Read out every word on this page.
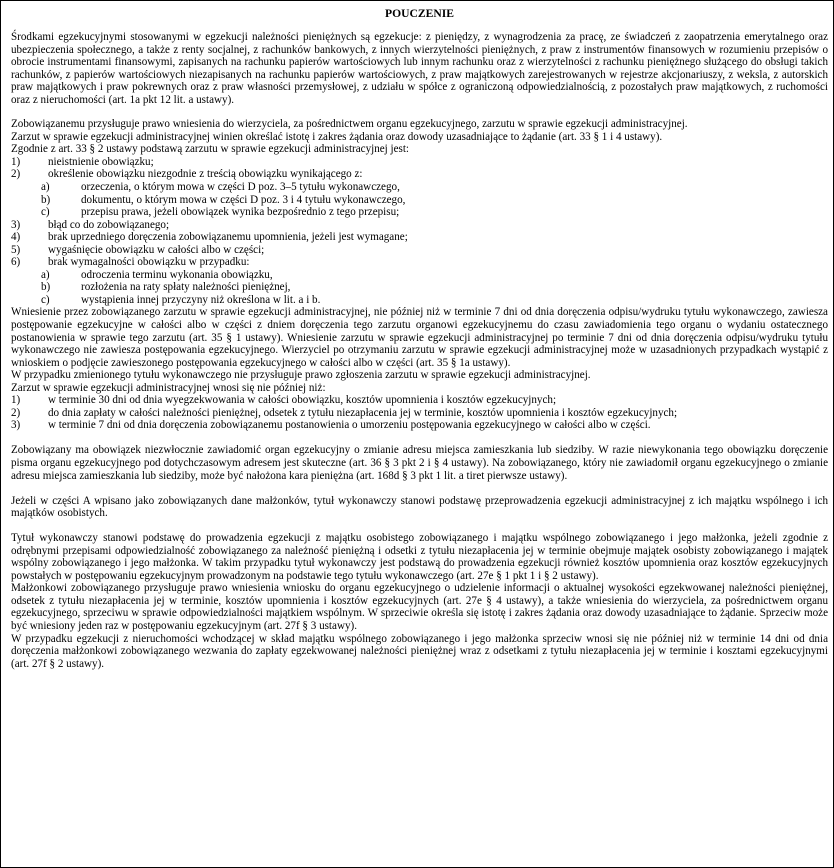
POUCZENIE

Środkami egzekucyjnymi stosowanymi w egzekucji należności pieniężnych są egzekucje: z pieniędzy, z wynagrodzenia za pracę, ze świadczeń z zaopatrzenia emerytalnego oraz ubezpieczenia społecznego, a także z renty socjalnej, z rachunków bankowych, z innych wierzytelności pieniężnych, z praw z instrumentów finansowych w rozumieniu przepisów o obrocie instrumentami finansowymi, zapisanych na rachunku papierów wartościowych lub innym rachunku oraz z wierzytelności z rachunku pieniężnego służącego do obsługi takich rachunków, z papierów wartościowych niezapisanych na rachunku papierów wartościowych, z praw majątkowych zarejestrowanych w rejestrze akcjonariuszy, z weksla, z autorskich praw majątkowych i praw pokrewnych oraz z praw własności przemysłowej, z udziału w spółce z ograniczoną odpowiedzialnością, z pozostałych praw majątkowych, z ruchomości oraz z nieruchomości (art. 1a pkt 12 lit. a ustawy).

Zobowiązanemu przysługuje prawo wniesienia do wierzyciela, za pośrednictwem organu egzekucyjnego, zarzutu w sprawie egzekucji administracyjnej.

Zarzut w sprawie egzekucji administracyjnej winien określać istotę i zakres żądania oraz dowody uzasadniające to żądanie (art. 33 § 1 i 4 ustawy).

Zgodnie z art. 33 § 2 ustawy podstawą zarzutu w sprawie egzekucji administracyjnej jest:

1)	nieistnienie obowiązku;
2)	określenie obowiązku niezgodnie z treścią obowiązku wynikającego z:
a)	orzeczenia, o którym mowa w części D poz. 3–5 tytułu wykonawczego,
b)	dokumentu, o którym mowa w części D poz. 3 i 4 tytułu wykonawczego,
c)	przepisu prawa, jeżeli obowiązek wynika bezpośrednio z tego przepisu;
3)	błąd co do zobowiązanego;
4)	brak uprzedniego doręczenia zobowiązanemu upomnienia, jeżeli jest wymagane;
5)	wygaśnięcie obowiązku w całości albo w części;
6)	brak wymagalności obowiązku w przypadku:
a)	odroczenia terminu wykonania obowiązku,
b)	rozłożenia na raty spłaty należności pieniężnej,
c)	wystąpienia innej przyczyny niż określona w lit. a i b.

Wniesienie przez zobowiązanego zarzutu w sprawie egzekucji administracyjnej, nie później niż w terminie 7 dni od dnia doręczenia odpisu/wydruku tytułu wykonawczego, zawiesza postępowanie egzekucyjne w całości albo w części z dniem doręczenia tego zarzutu organowi egzekucyjnemu do czasu zawiadomienia tego organu o wydaniu ostatecznego postanowienia w sprawie tego zarzutu (art. 35 § 1 ustawy). Wniesienie zarzutu w sprawie egzekucji administracyjnej po terminie 7 dni od dnia doręczenia odpisu/wydruku tytułu wykonawczego nie zawiesza postępowania egzekucyjnego. Wierzyciel po otrzymaniu zarzutu w sprawie egzekucji administracyjnej może w uzasadnionych przypadkach wystąpić z wnioskiem o podjęcie zawieszonego postępowania egzekucyjnego w całości albo w części (art. 35 § 1a ustawy).

W przypadku zmienionego tytułu wykonawczego nie przysługuje prawo zgłoszenia zarzutu w sprawie egzekucji administracyjnej.

Zarzut w sprawie egzekucji administracyjnej wnosi się nie później niż:

1)	w terminie 30 dni od dnia wyegzekwowania w całości obowiązku, kosztów upomnienia i kosztów egzekucyjnych;
2)	do dnia zapłaty w całości należności pieniężnej, odsetek z tytułu niezapłacenia jej w terminie, kosztów upomnienia i kosztów egzekucyjnych;
3)	w terminie 7 dni od dnia doręczenia zobowiązanemu postanowienia o umorzeniu postępowania egzekucyjnego w całości albo w części.

Zobowiązany ma obowiązek niezwłocznie zawiadomić organ egzekucyjny o zmianie adresu miejsca zamieszkania lub siedziby. W razie niewykonania tego obowiązku doręczenie pisma organu egzekucyjnego pod dotychczasowym adresem jest skuteczne (art. 36 § 3 pkt 2 i § 4 ustawy). Na zobowiązanego, który nie zawiadomił organu egzekucyjnego o zmianie adresu miejsca zamieszkania lub siedziby, może być nałożona kara pieniężna (art. 168d § 3 pkt 1 lit. a tiret pierwsze ustawy).

Jeżeli w części A wpisano jako zobowiązanych dane małżonków, tytuł wykonawczy stanowi podstawę przeprowadzenia egzekucji administracyjnej z ich majątku wspólnego i ich majątków osobistych.

Tytuł wykonawczy stanowi podstawę do prowadzenia egzekucji z majątku osobistego zobowiązanego i majątku wspólnego zobowiązanego i jego małżonka, jeżeli zgodnie z odrębnymi przepisami odpowiedzialność zobowiązanego za należność pieniężną i odsetki z tytułu niezapłacenia jej w terminie obejmuje majątek osobisty zobowiązanego i majątek wspólny zobowiązanego i jego małżonka. W takim przypadku tytuł wykonawczy jest podstawą do prowadzenia egzekucji również kosztów upomnienia oraz kosztów egzekucyjnych powstałych w postępowaniu egzekucyjnym prowadzonym na podstawie tego tytułu wykonawczego (art. 27e § 1 pkt 1 i § 2 ustawy).

Małżonkowi zobowiązanego przysługuje prawo wniesienia wniosku do organu egzekucyjnego o udzielenie informacji o aktualnej wysokości egzekwowanej należności pieniężnej, odsetek z tytułu niezapłacenia jej w terminie, kosztów upomnienia i kosztów egzekucyjnych (art. 27e § 4 ustawy), a także wniesienia do wierzyciela, za pośrednictwem organu egzekucyjnego, sprzeciwu w sprawie odpowiedzialności majątkiem wspólnym. W sprzeciwie określa się istotę i zakres żądania oraz dowody uzasadniające to żądanie. Sprzeciw może być wniesiony jeden raz w postępowaniu egzekucyjnym (art. 27f § 3 ustawy).

W przypadku egzekucji z nieruchomości wchodzącej w skład majątku wspólnego zobowiązanego i jego małżonka sprzeciw wnosi się nie później niż w terminie 14 dni od dnia doręczenia małżonkowi zobowiązanego wezwania do zapłaty egzekwowanej należności pieniężnej wraz z odsetkami z tytułu niezapłacenia jej w terminie i kosztami egzekucyjnymi (art. 27f § 2 ustawy).
